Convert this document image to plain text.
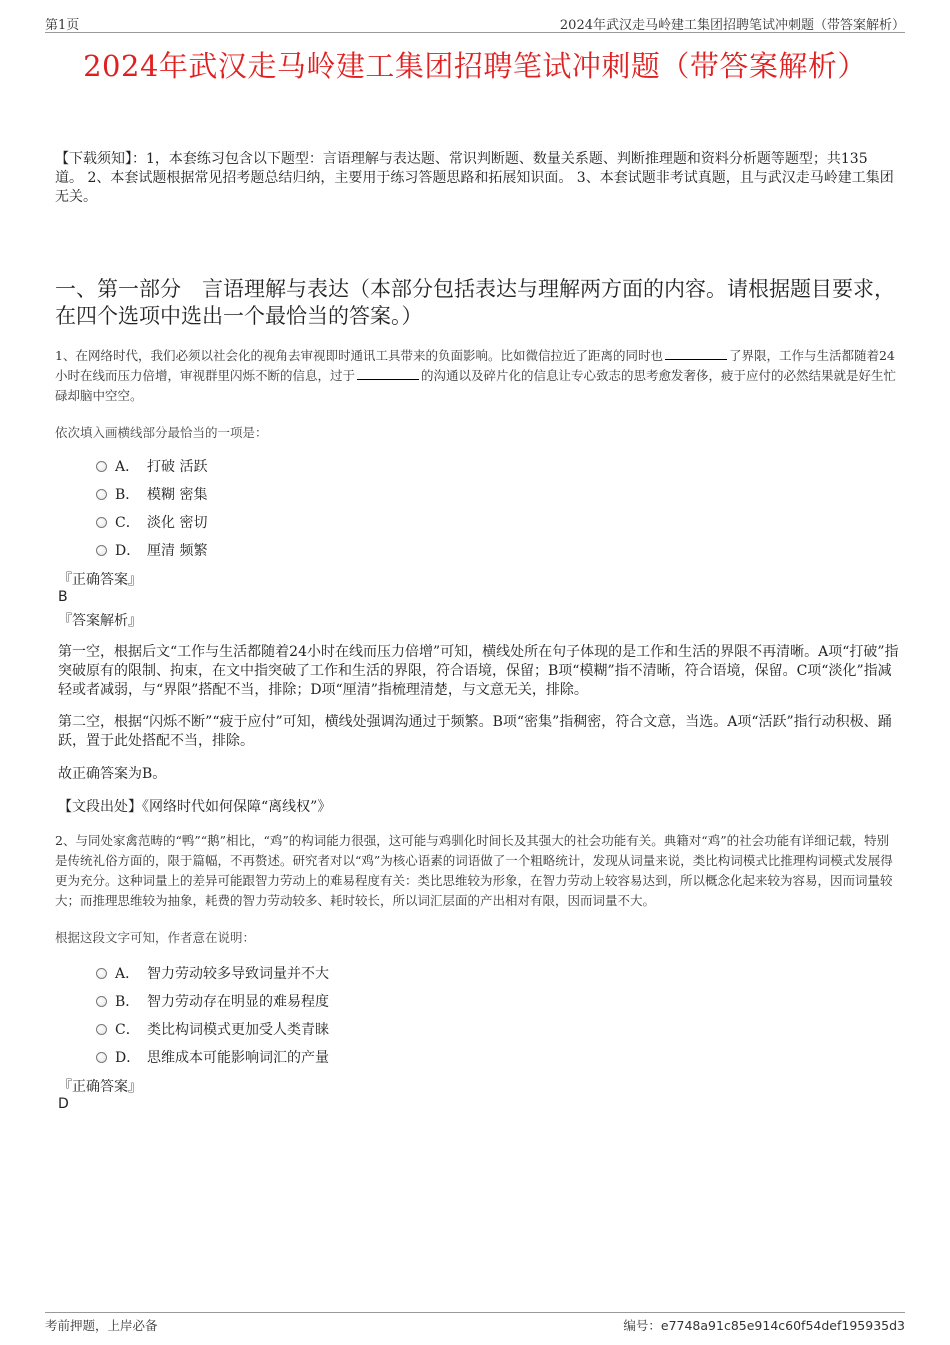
第1页	2024年武汉走马岭建工集团招聘笔试冲刺题（带答案解析）
2024年武汉走马岭建工集团招聘笔试冲刺题（带答案解析）

【下载须知】：1，本套练习包含以下题型：言语理解与表达题、常识判断题、数量关系题、判断推理题和资料分析题等题型；共135道。 2、本套试题根据常见招考题总结归纳，主要用于练习答题思路和拓展知识面。 3、本套试题非考试真题，且与武汉走马岭建工集团无关。

一、第一部分　言语理解与表达（本部分包括表达与理解两方面的内容。请根据题目要求，在四个选项中选出一个最恰当的答案。）

1、在网络时代，我们必须以社会化的视角去审视即时通讯工具带来的负面影响。比如微信拉近了距离的同时也	了界限，工作与生活都随着24小时在线而压力倍增，审视群里闪烁不断的信息，过于	的沟通以及碎片化的信息让专心致志的思考愈发奢侈，疲于应付的必然结果就是好生忙碌却脑中空空。

依次填入画横线部分最恰当的一项是：

A． 打破 活跃
B． 模糊 密集
C． 淡化 密切
D． 厘清 频繁

『正确答案』

B

『答案解析』

第一空，根据后文“工作与生活都随着24小时在线而压力倍增”可知，横线处所在句子体现的是工作和生活的界限不再清晰。A项“打破”指突破原有的限制、拘束，在文中指突破了工作和生活的界限，符合语境，保留；B项“模糊”指不清晰，符合语境，保留。C项“淡化”指减轻或者减弱，与“界限”搭配不当，排除；D项“厘清”指梳理清楚，与文意无关，排除。

第二空，根据“闪烁不断”“疲于应付”可知，横线处强调沟通过于频繁。B项“密集”指稠密，符合文意，当选。A项“活跃”指行动积极、踊跃，置于此处搭配不当，排除。

故正确答案为B。

【文段出处】《网络时代如何保障“离线权”》

2、与同处家禽范畴的“鸭”“鹅”相比，“鸡”的构词能力很强，这可能与鸡驯化时间长及其强大的社会功能有关。典籍对“鸡”的社会功能有详细记载，特别是传统礼俗方面的，限于篇幅，不再赘述。研究者对以“鸡”为核心语素的词语做了一个粗略统计，发现从词量来说，类比构词模式比推理构词模式发展得更为充分。这种词量上的差异可能跟智力劳动上的难易程度有关：类比思维较为形象，在智力劳动上较容易达到，所以概念化起来较为容易，因而词量较大；而推理思维较为抽象，耗费的智力劳动较多、耗时较长，所以词汇层面的产出相对有限，因而词量不大。

根据这段文字可知，作者意在说明：

A． 智力劳动较多导致词量并不大
B． 智力劳动存在明显的难易程度
C． 类比构词模式更加受人类青睐
D． 思维成本可能影响词汇的产量

『正确答案』

D

考前押题，上岸必备	编号：e7748a91c85e914c60f54def195935d3
